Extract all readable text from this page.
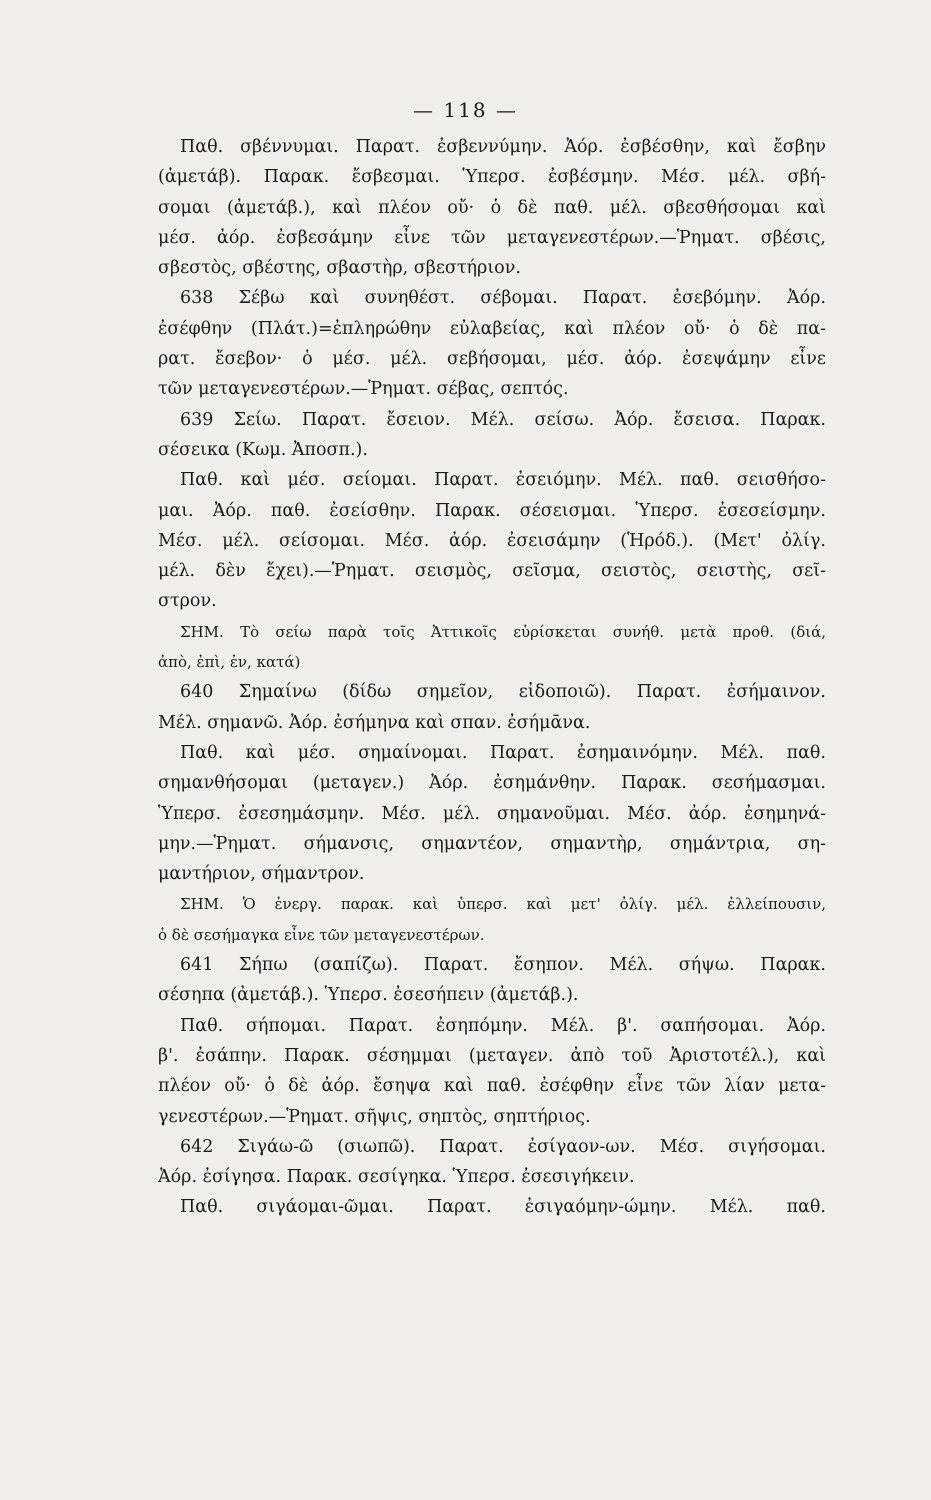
— 118 —
Παθ. σβέννυμαι. Παρατ. ἐσβεννύμην. Ἀόρ. ἐσβέσθην, καὶ ἔσβην
(ἀμετάβ). Παρακ. ἔσβεσμαι. Ὑπερσ. ἐσβέσμην. Μέσ. μέλ. σβή-
σομαι (ἀμετάβ.), καὶ πλέον οὔ· ὁ δὲ παθ. μέλ. σβεσθήσομαι καὶ
μέσ. ἀόρ. ἐσβεσάμην εἶνε τῶν μεταγενεστέρων.—Ῥηματ. σβέσις,
σβεστὸς, σβέστης, σβαστὴρ, σβεστήριον.
638 Σέβω καὶ συνηθέστ. σέβομαι. Παρατ. ἐσεβόμην. Ἀόρ.
ἐσέφθην (Πλάτ.)=ἐπληρώθην εὐλαβείας, καὶ πλέον οὔ· ὁ δὲ πα-
ρατ. ἔσεβον· ὁ μέσ. μέλ. σεβήσομαι, μέσ. ἀόρ. ἐσεψάμην εἶνε
τῶν μεταγενεστέρων.—Ῥηματ. σέβας, σεπτός.
639 Σείω. Παρατ. ἔσειον. Μέλ. σείσω. Ἀόρ. ἔσεισα. Παρακ.
σέσεικα (Κωμ. Ἀποσπ.).
Παθ. καὶ μέσ. σείομαι. Παρατ. ἐσειόμην. Μέλ. παθ. σεισθήσο-
μαι. Ἀόρ. παθ. ἐσείσθην. Παρακ. σέσεισμαι. Ὑπερσ. ἐσεσείσμην.
Μέσ. μέλ. σείσομαι. Μέσ. ἀόρ. ἐσεισάμην (Ἡρόδ.). (Μετ' ὀλίγ.
μέλ. δὲν ἔχει).—Ῥηματ. σεισμὸς, σεῖσμα, σειστὸς, σειστὴς, σεῖ-
στρον.
ΣΗΜ. Τὸ σείω παρὰ τοῖς Ἀττικοῖς εὑρίσκεται συνήθ. μετὰ προθ. (διά,
ἀπὸ, ἐπὶ, ἐν, κατά)
640 Σημαίνω (δίδω σημεῖον, εἰδοποιῶ). Παρατ. ἐσήμαινον.
Μέλ. σημανῶ. Ἀόρ. ἐσήμηνα καὶ σπαν. ἐσήμᾱνα.
Παθ. καὶ μέσ. σημαίνομαι. Παρατ. ἐσημαινόμην. Μέλ. παθ.
σημανθήσομαι (μεταγεν.) Ἀόρ. ἐσημάνθην. Παρακ. σεσήμασμαι.
Ὑπερσ. ἐσεσημάσμην. Μέσ. μέλ. σημανοῦμαι. Μέσ. ἀόρ. ἐσημηνά-
μην.—Ῥηματ. σήμανσις, σημαντέον, σημαντὴρ, σημάντρια, ση-
μαντήριον, σήμαντρον.
ΣΗΜ. Ὁ ἐνεργ. παρακ. καὶ ὑπερσ. καὶ μετ' ὀλίγ. μέλ. ἐλλείπουσιν,
ὁ δὲ σεσήμαγκα εἶνε τῶν μεταγενεστέρων.
641 Σήπω (σαπίζω). Παρατ. ἔσηπον. Μέλ. σήψω. Παρακ.
σέσηπα (ἀμετάβ.). Ὑπερσ. ἐσεσήπειν (ἀμετάβ.).
Παθ. σήπομαι. Παρατ. ἐσηπόμην. Μέλ. β'. σαπήσομαι. Ἀόρ.
β'. ἐσάπην. Παρακ. σέσημμαι (μεταγεν. ἀπὸ τοῦ Ἀριστοτέλ.), καὶ
πλέον οὔ· ὁ δὲ ἀόρ. ἔσηψα καὶ παθ. ἐσέφθην εἶνε τῶν λίαν μετα-
γενεστέρων.—Ῥηματ. σῆψις, σηπτὸς, σηπτήριος.
642 Σιγάω-ῶ (σιωπῶ). Παρατ. ἐσίγαον-ων. Μέσ. σιγήσομαι.
Ἀόρ. ἐσίγησα. Παρακ. σεσίγηκα. Ὑπερσ. ἐσεσιγήκειν.
Παθ. σιγάομαι-ῶμαι. Παρατ. ἐσιγαόμην-ώμην. Μέλ. παθ.
